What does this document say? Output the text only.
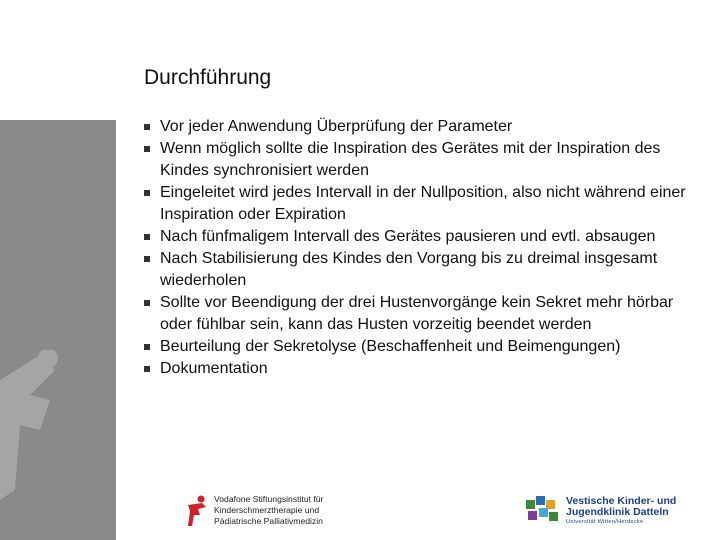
Durchführung
Vor jeder Anwendung Überprüfung der Parameter
Wenn möglich sollte die Inspiration des Gerätes mit der Inspiration des Kindes synchronisiert werden
Eingeleitet wird jedes Intervall in der Nullposition, also nicht während einer Inspiration oder Expiration
Nach fünfmaligem Intervall des Gerätes pausieren und evtl. absaugen
Nach Stabilisierung des Kindes den Vorgang bis zu dreimal insgesamt wiederholen
Sollte vor Beendigung der drei Hustenvorgänge kein Sekret mehr hörbar oder fühlbar sein, kann das Husten vorzeitig beendet werden
Beurteilung der Sekretolyse (Beschaffenheit und Beimengungen)
Dokumentation
Vodafone Stiftungsinstitut für
Kinderschmerztherapie und
Pädiatrische Palliativmedizin
Vestische Kinder- und
Jugendklinik Datteln
Universität Witten/Herdecke
